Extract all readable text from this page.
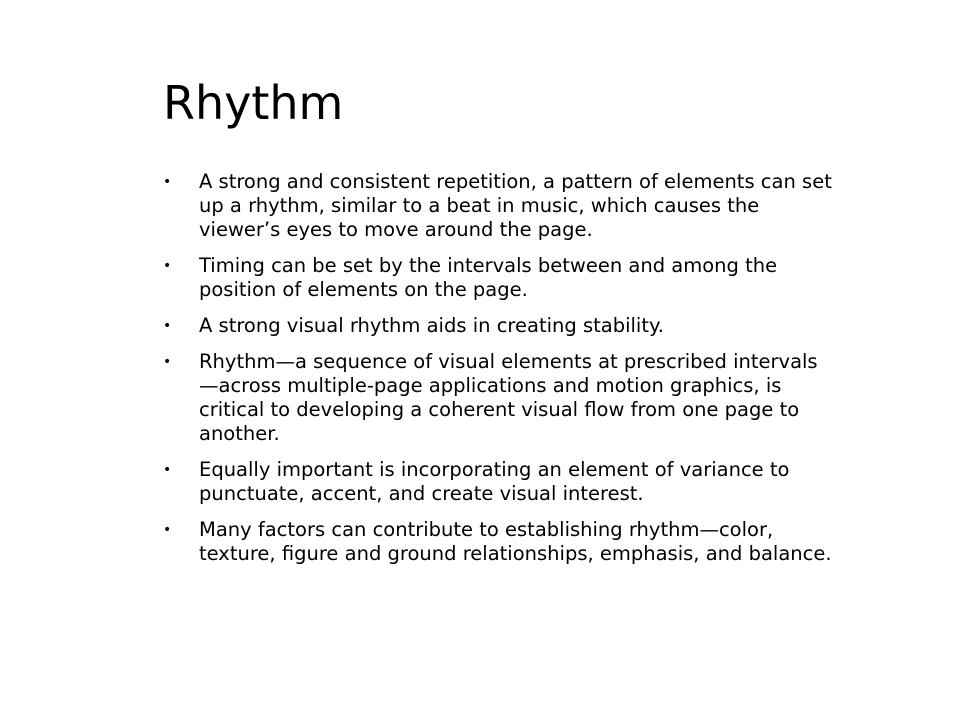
Rhythm
• A strong and consistent repetition, a pattern of elements can set up a rhythm, similar to a beat in music, which causes the viewer’s eyes to move around the page.
• Timing can be set by the intervals between and among the position of elements on the page.
• A strong visual rhythm aids in creating stability.
• Rhythm—a sequence of visual elements at prescribed intervals—across multiple-page applications and motion graphics, is critical to developing a coherent visual flow from one page to another.
• Equally important is incorporating an element of variance to punctuate, accent, and create visual interest.
• Many factors can contribute to establishing rhythm—color, texture, figure and ground relationships, emphasis, and balance.
